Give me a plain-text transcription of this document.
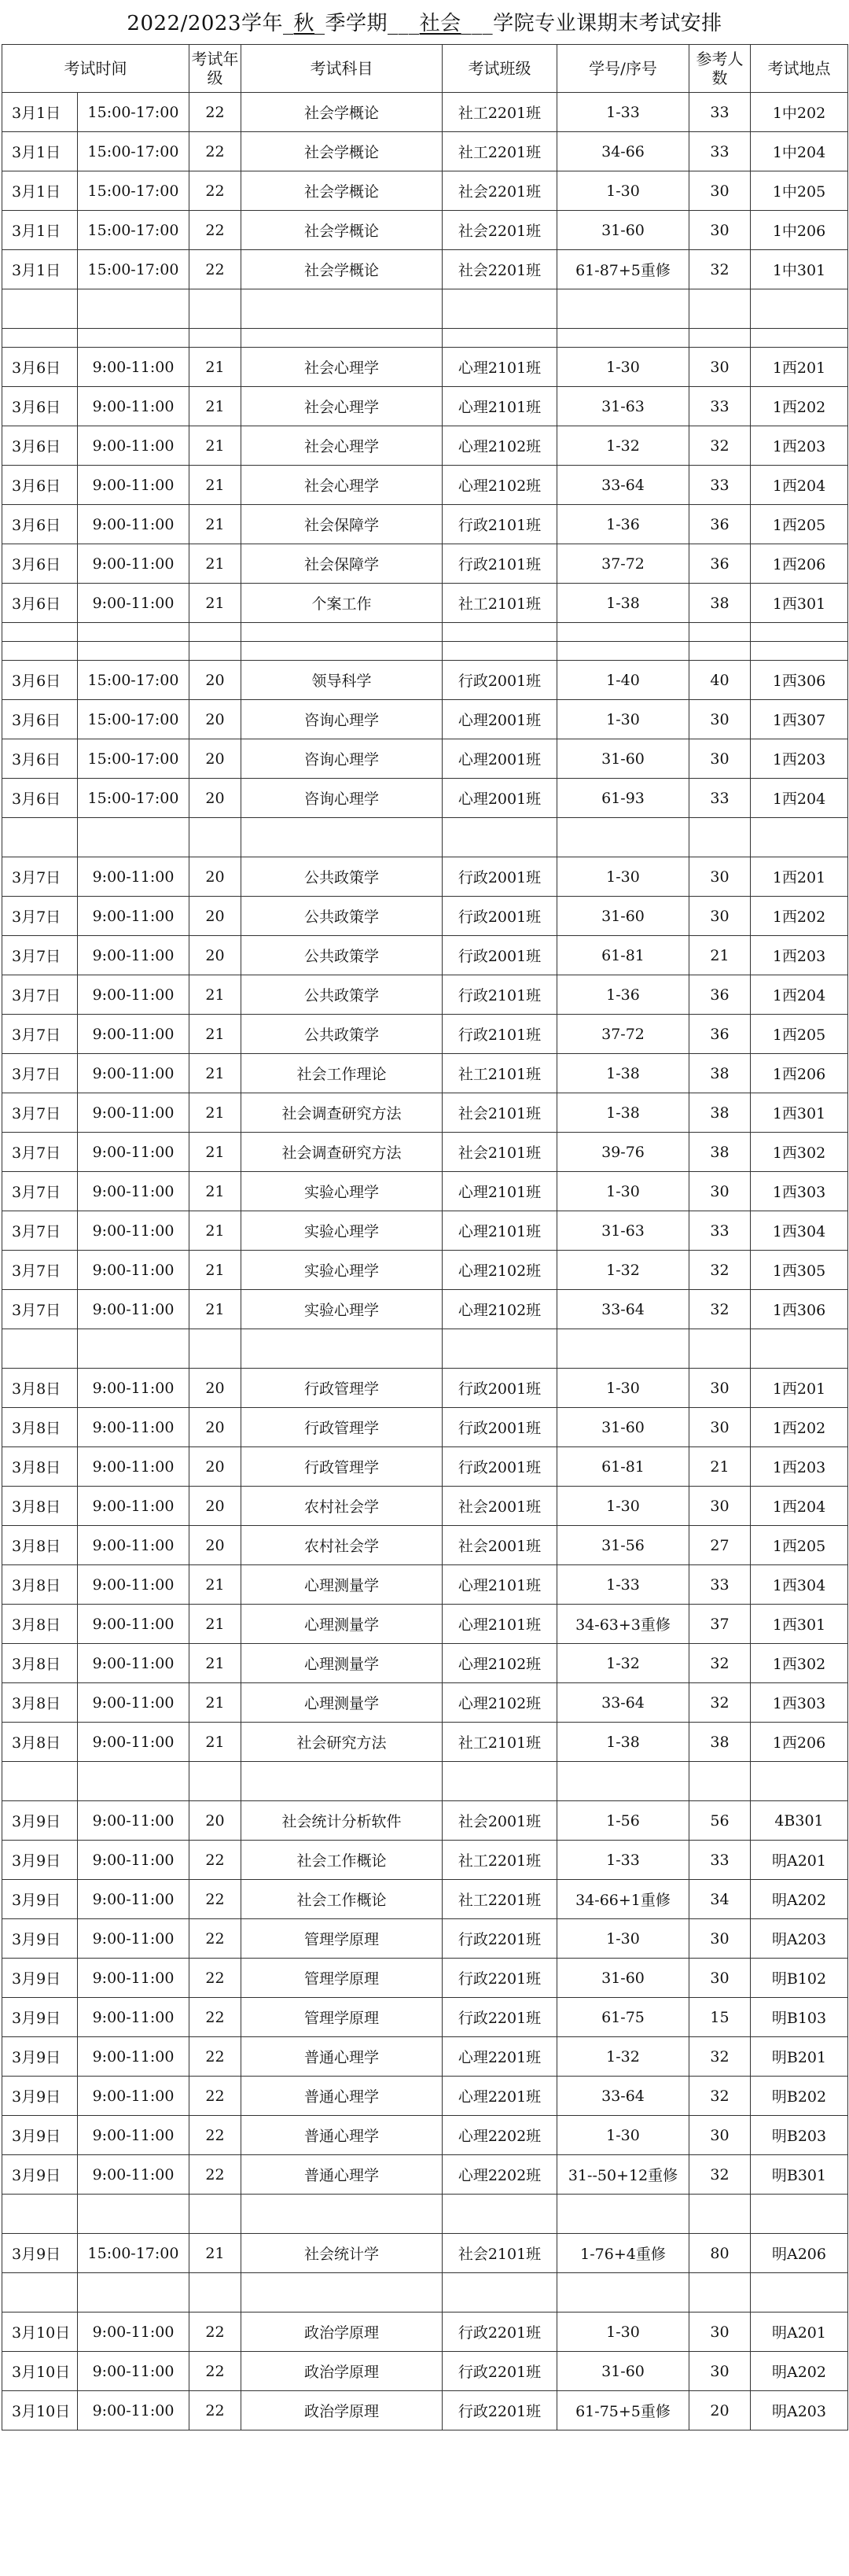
2022/2023学年_秋_季学期___社会___学院专业课期末考试安排
考试时间		考试年级	考试科目	考试班级	学号/序号	参考人数	考试地点
3月1日	15:00-17:00	22	社会学概论	社工2201班	1-33	33	1中202
3月1日	15:00-17:00	22	社会学概论	社工2201班	34-66	33	1中204
3月1日	15:00-17:00	22	社会学概论	社会2201班	1-30	30	1中205
3月1日	15:00-17:00	22	社会学概论	社会2201班	31-60	30	1中206
3月1日	15:00-17:00	22	社会学概论	社会2201班	61-87+5重修	32	1中301

3月6日	9:00-11:00	21	社会心理学	心理2101班	1-30	30	1西201
3月6日	9:00-11:00	21	社会心理学	心理2101班	31-63	33	1西202
3月6日	9:00-11:00	21	社会心理学	心理2102班	1-32	32	1西203
3月6日	9:00-11:00	21	社会心理学	心理2102班	33-64	33	1西204
3月6日	9:00-11:00	21	社会保障学	行政2101班	1-36	36	1西205
3月6日	9:00-11:00	21	社会保障学	行政2101班	37-72	36	1西206
3月6日	9:00-11:00	21	个案工作	社工2101班	1-38	38	1西301

3月6日	15:00-17:00	20	领导科学	行政2001班	1-40	40	1西306
3月6日	15:00-17:00	20	咨询心理学	心理2001班	1-30	30	1西307
3月6日	15:00-17:00	20	咨询心理学	心理2001班	31-60	30	1西203
3月6日	15:00-17:00	20	咨询心理学	心理2001班	61-93	33	1西204

3月7日	9:00-11:00	20	公共政策学	行政2001班	1-30	30	1西201
3月7日	9:00-11:00	20	公共政策学	行政2001班	31-60	30	1西202
3月7日	9:00-11:00	20	公共政策学	行政2001班	61-81	21	1西203
3月7日	9:00-11:00	21	公共政策学	行政2101班	1-36	36	1西204
3月7日	9:00-11:00	21	公共政策学	行政2101班	37-72	36	1西205
3月7日	9:00-11:00	21	社会工作理论	社工2101班	1-38	38	1西206
3月7日	9:00-11:00	21	社会调查研究方法	社会2101班	1-38	38	1西301
3月7日	9:00-11:00	21	社会调查研究方法	社会2101班	39-76	38	1西302
3月7日	9:00-11:00	21	实验心理学	心理2101班	1-30	30	1西303
3月7日	9:00-11:00	21	实验心理学	心理2101班	31-63	33	1西304
3月7日	9:00-11:00	21	实验心理学	心理2102班	1-32	32	1西305
3月7日	9:00-11:00	21	实验心理学	心理2102班	33-64	32	1西306

3月8日	9:00-11:00	20	行政管理学	行政2001班	1-30	30	1西201
3月8日	9:00-11:00	20	行政管理学	行政2001班	31-60	30	1西202
3月8日	9:00-11:00	20	行政管理学	行政2001班	61-81	21	1西203
3月8日	9:00-11:00	20	农村社会学	社会2001班	1-30	30	1西204
3月8日	9:00-11:00	20	农村社会学	社会2001班	31-56	27	1西205
3月8日	9:00-11:00	21	心理测量学	心理2101班	1-33	33	1西304
3月8日	9:00-11:00	21	心理测量学	心理2101班	34-63+3重修	37	1西301
3月8日	9:00-11:00	21	心理测量学	心理2102班	1-32	32	1西302
3月8日	9:00-11:00	21	心理测量学	心理2102班	33-64	32	1西303
3月8日	9:00-11:00	21	社会研究方法	社工2101班	1-38	38	1西206

3月9日	9:00-11:00	20	社会统计分析软件	社会2001班	1-56	56	4B301
3月9日	9:00-11:00	22	社会工作概论	社工2201班	1-33	33	明A201
3月9日	9:00-11:00	22	社会工作概论	社工2201班	34-66+1重修	34	明A202
3月9日	9:00-11:00	22	管理学原理	行政2201班	1-30	30	明A203
3月9日	9:00-11:00	22	管理学原理	行政2201班	31-60	30	明B102
3月9日	9:00-11:00	22	管理学原理	行政2201班	61-75	15	明B103
3月9日	9:00-11:00	22	普通心理学	心理2201班	1-32	32	明B201
3月9日	9:00-11:00	22	普通心理学	心理2201班	33-64	32	明B202
3月9日	9:00-11:00	22	普通心理学	心理2202班	1-30	30	明B203
3月9日	9:00-11:00	22	普通心理学	心理2202班	31--50+12重修	32	明B301

3月9日	15:00-17:00	21	社会统计学	社会2101班	1-76+4重修	80	明A206

3月10日	9:00-11:00	22	政治学原理	行政2201班	1-30	30	明A201
3月10日	9:00-11:00	22	政治学原理	行政2201班	31-60	30	明A202
3月10日	9:00-11:00	22	政治学原理	行政2201班	61-75+5重修	20	明A203
